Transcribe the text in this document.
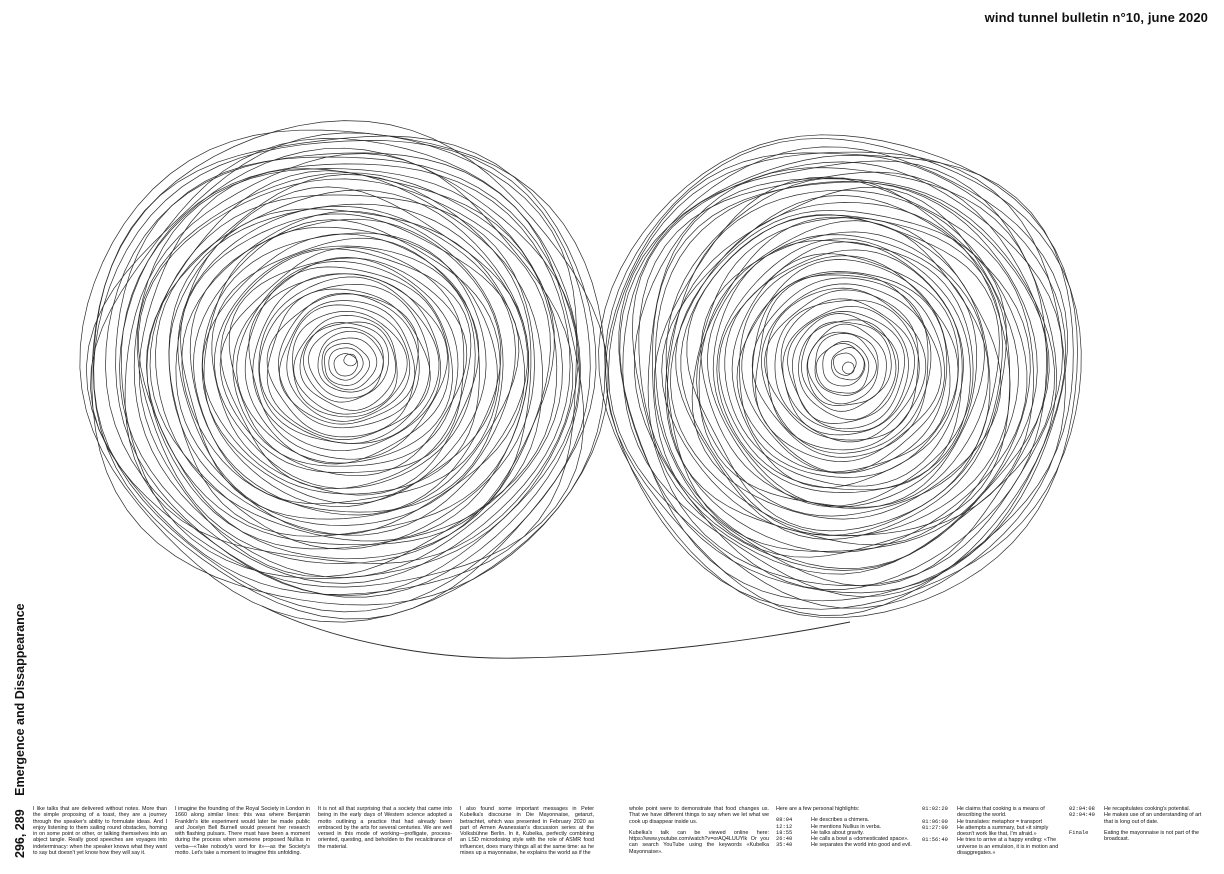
wind tunnel bulletin n°10, june 2020
296, 289 Emergence and Dissappearance

I like talks that are delivered without notes. More than the simple proposing of a toast, they are a journey through the speaker's ability to formulate ideas. And I enjoy listening to them sailing round obstacles, homing in on some point or other, or talking themselves into an abject tangle. Really good speeches are voyages into indeterminacy: when the speaker knows what they want to say but doesn't yet know how they will say it.

I imagine the founding of the Royal Society in London in 1660 along similar lines: this was where Benjamin Franklin's kite experiment would later be made public and Jocelyn Bell Burnell would present her research with flashing pulsars. There must have been a moment during the process when someone proposed Nullius in verba—«Take nobody's word for it»—as the Society's motto. Let's take a moment to imagine this unfolding.

It is not all that surprising that a society that came into being in the early days of Western science adopted a motto outlining a practice that had already been embraced by the arts for several centuries. We are well versed in this mode of working—profligate, process-oriented, questing, and beholden to the recalcitrance of the material.

I also found some important messages in Peter Kubelka's discourse in Die Mayonnaise, getanzt, betrachtet, which was presented in February 2020 as part of Armen Avanessian's discussion series at the Volksbühne Berlin. In it, Kubelka, perfectly combining an LSD microdosing style with the role of ASMR food influencer, does many things all at the same time: as he mixes up a mayonnaise, he explains the world as if the

whole point were to demonstrate that food changes us. That we have different things to say when we let what we cook up disappear inside us.

Kubelka's talk can be viewed online here: https://www.youtube.com/watch?v=orAQ4LUUYlk Or you can search YouTube using the keywords «Kubelka Mayonnaise».

Here are a few personal highlights:

08:04	He describes a chimera.
12:12	He mentions Nullius in verba.
18:55	He talks about gravity.
26:40	He calls a bowl a «domesticated space».
35:40	He separates the world into good and evil.
01:02:20	He claims that cooking is a means of describing the world.
01:06:00	He translates: metaphor = transport
01:27:00	He attempts a summary, but «it simply doesn't work like that, I'm afraid.»
01:56:40	He tries to arrive at a happy ending: «The universe is an emulsion, it is in motion and disaggregates.»
02:04:08	He recapitulates cooking's potential.
02:04:40	He makes use of an understanding of art that is long out of date.
Finale	Eating the mayonnaise is not part of the broadcast.
